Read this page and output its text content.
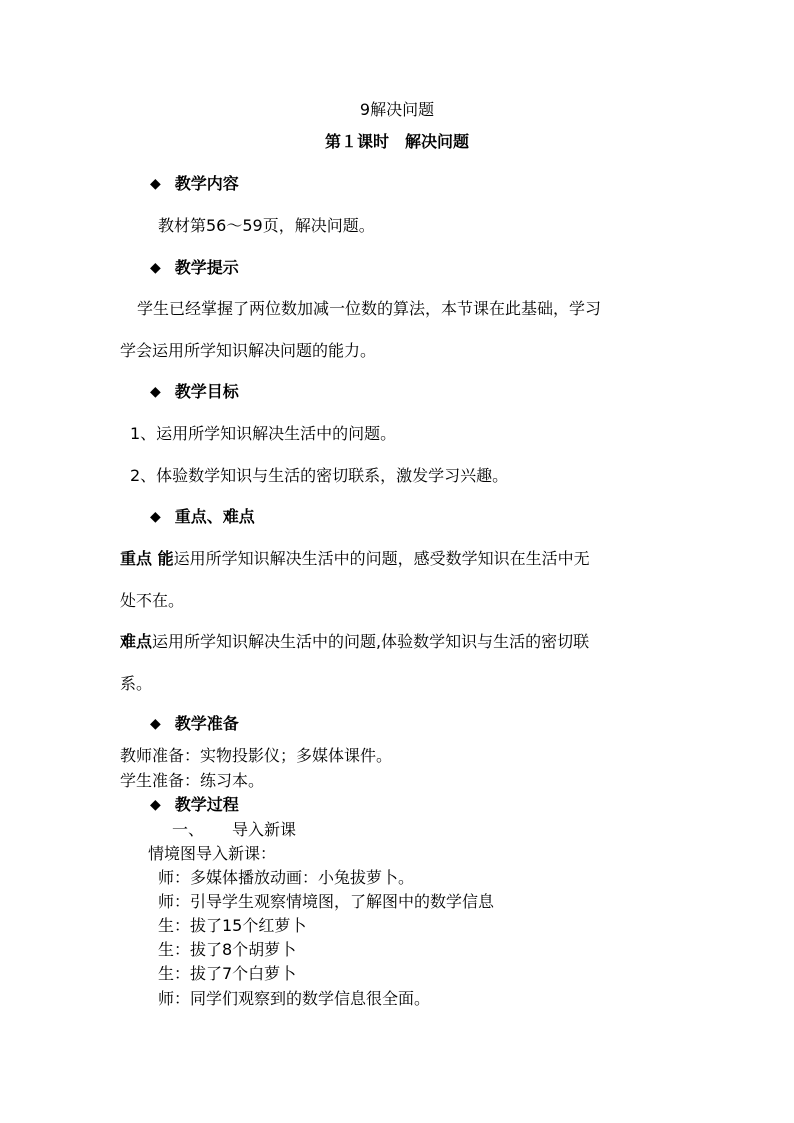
9解决问题
第１课时　解决问题
◆ 教学内容
教材第56～59页，解决问题。
◆ 教学提示
学生已经掌握了两位数加减一位数的算法，本节课在此基础，学习
学会运用所学知识解决问题的能力。
◆ 教学目标
1、运用所学知识解决生活中的问题。
2、体验数学知识与生活的密切联系，激发学习兴趣。
◆ 重点、难点
重点 能运用所学知识解决生活中的问题，感受数学知识在生活中无
处不在。
难点运用所学知识解决生活中的问题,体验数学知识与生活的密切联
系。
◆ 教学准备
教师准备：实物投影仪；多媒体课件。
学生准备：练习本。
◆ 教学过程
一、 导入新课
情境图导入新课：
师：多媒体播放动画：小兔拔萝卜。
师：引导学生观察情境图，了解图中的数学信息
生：拔了15个红萝卜
生：拔了8个胡萝卜
生：拔了7个白萝卜
师：同学们观察到的数学信息很全面。
